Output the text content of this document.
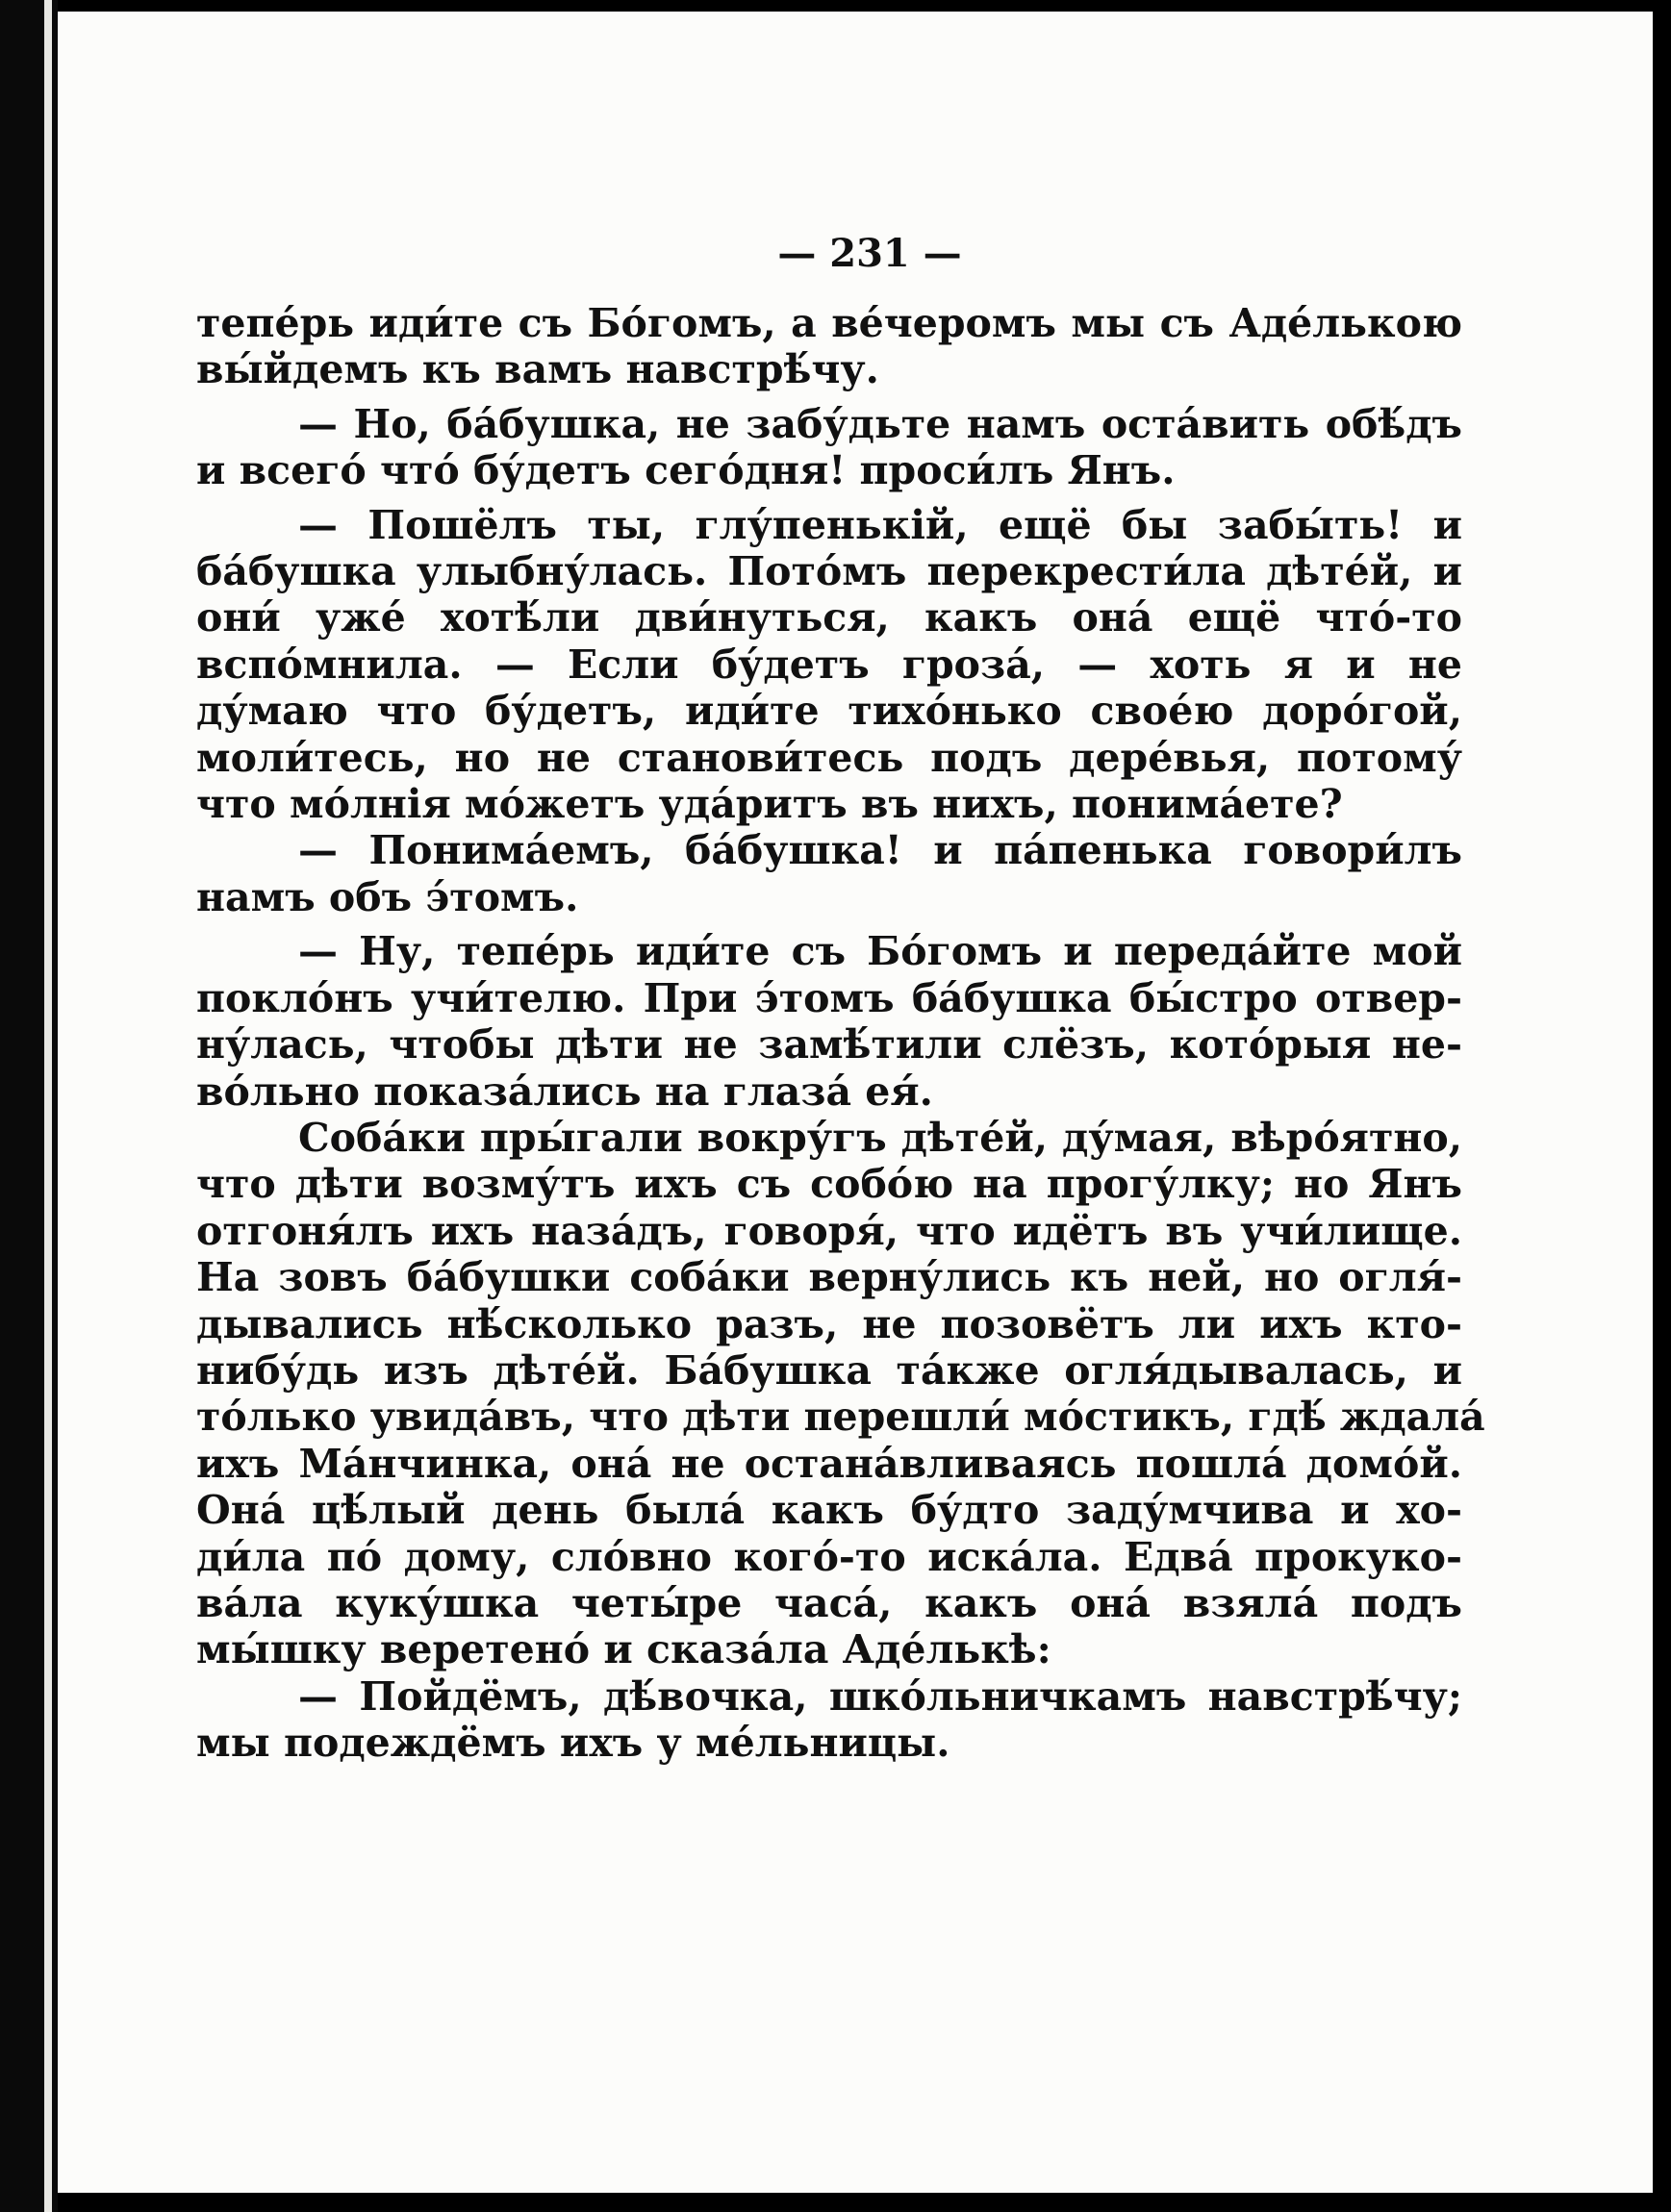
— 231 —
тепе́рь иди́те съ Бо́гомъ, а ве́черомъ мы съ Аде́лькою
вы́йдемъ къ вамъ навстрѣ́чу.
— Но, ба́бушка, не забу́дьте намъ оста́вить обѣ́дъ
и всего́ что́ бу́детъ сего́дня! проси́лъ Янъ.
— Пошёлъ ты, глу́пенькій, ещё бы забы́ть! и
ба́бушка улыбну́лась. Пото́мъ перекрести́ла дѣте́й, и
они́ уже́ хотѣ́ли дви́нуться, какъ она́ ещё что́-то
вспо́мнила. — Если бу́детъ гроза́, — хоть я и не
ду́маю что бу́детъ, иди́те тихо́нько свое́ю доро́гой,
моли́тесь, но не станови́тесь подъ дере́вья, потому́
что мо́лнія мо́жетъ уда́ритъ въ нихъ, понима́ете?
— Понима́емъ, ба́бушка! и па́пенька говори́лъ
намъ объ э́томъ.
— Ну, тепе́рь иди́те съ Бо́гомъ и переда́йте мой
покло́нъ учи́телю. При э́томъ ба́бушка бы́стро отвер-
ну́лась, чтобы дѣти не замѣ́тили слёзъ, кото́рыя не-
во́льно показа́лись на глаза́ ея́.
Соба́ки пры́гали вокру́гъ дѣте́й, ду́мая, вѣро́ятно,
что дѣти возму́тъ ихъ съ собо́ю на прогу́лку; но Янъ
отгоня́лъ ихъ наза́дъ, говоря́, что идётъ въ учи́лище.
На зовъ ба́бушки соба́ки верну́лись къ ней, но огля́-
дывались нѣ́сколько разъ, не позовётъ ли ихъ кто-
нибу́дь изъ дѣте́й. Ба́бушка та́кже огля́дывалась, и
то́лько увида́въ, что дѣти перешли́ мо́стикъ, гдѣ́ ждала́
ихъ Ма́нчинка, она́ не остана́вливаясь пошла́ домо́й.
Она́ цѣ́лый день была́ какъ бу́дто заду́мчива и хо-
ди́ла по́ дому, сло́вно кого́-то иска́ла. Едва́ прокуко-
ва́ла куку́шка четы́ре часа́, какъ она́ взяла́ подъ
мы́шку веретено́ и сказа́ла Аде́лькѣ:
— Пойдёмъ, дѣ́вочка, шко́льничкамъ навстрѣ́чу;
мы подеждёмъ ихъ у ме́льницы.
